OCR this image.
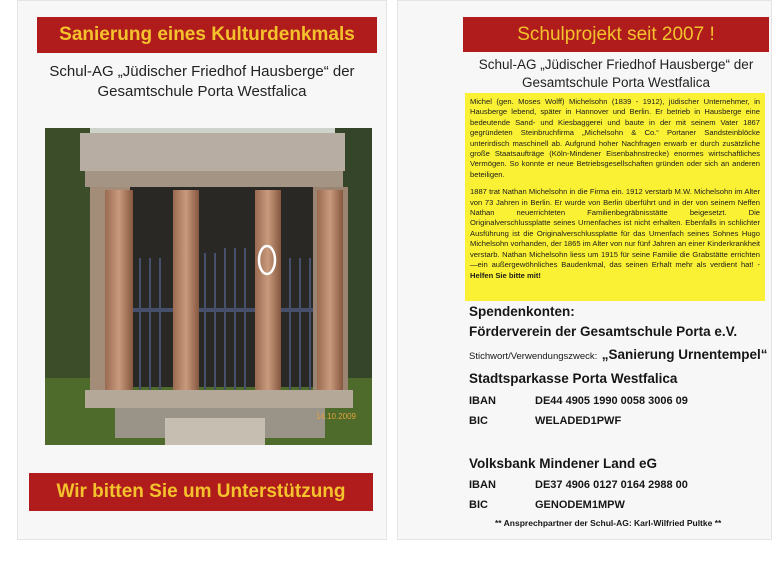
Sanierung eines Kulturdenkmals
Schul-AG „Jüdischer Friedhof Hausberge“ der
Gesamtschule Porta Westfalica
14.10.2009
Wir bitten Sie um Unterstützung
Schulprojekt seit 2007 !
Schul-AG „Jüdischer Friedhof Hausberge“ der
Gesamtschule Porta Westfalica

Michel (gen. Moses Wolff) Michelsohn (1839 - 1912), jüdischer Unternehmer, in Hausberge lebend, später in Hannover und Berlin. Er betrieb in Hausberge eine bedeutende Sand- und Kiesbaggerei und baute in der mit seinem Vater 1867 gegründeten Steinbruchfirma „Michelsohn & Co.“ Portaner Sandsteinblöcke unterirdisch maschinell ab. Aufgrund hoher Nachfragen erwarb er durch zusätzliche große Staatsaufträge (Köln-Mindener Eisenbahnstrecke) enormes wirtschaftliches Vermögen. So konnte er neue Betriebsgesellschaften gründen oder sich an anderen beteiligen.

1887 trat Nathan Michelsohn in die Firma ein. 1912 verstarb M.W. Michelsohn im Alter von 73 Jahren in Berlin. Er wurde von Berlin überführt und in der von seinem Neffen Nathan neuerrichteten Familienbegräbnisstätte beigesetzt. Die Originalverschlussplatte seines Urnenfaches ist nicht erhalten. Ebenfalls in schlichter Ausführung ist die Originalverschlussplatte für das Urnenfach seines Sohnes Hugo Michelsohn vorhanden, der 1865 im Alter von nur fünf Jahren an einer Kinderkrankheit verstarb. Nathan Michelsohn liess um 1915 für seine Familie die Grabstätte errichten—ein außergewöhnliches Baudenkmal, das seinen Erhalt mehr als verdient hat! - Helfen Sie bitte mit!

Spendenkonten:
Förderverein der Gesamtschule Porta e.V.
Stichwort/Verwendungszweck: „Sanierung Urnentempel“
Stadtsparkasse Porta Westfalica
IBAN	DE44 4905 1990 0058 3006 09
BIC	WELADED1PWF
Volksbank Mindener Land eG
IBAN	DE37 4906 0127 0164 2988 00
BIC	GENODEM1MPW
** Ansprechpartner der Schul-AG: Karl-Wilfried Pultke **
